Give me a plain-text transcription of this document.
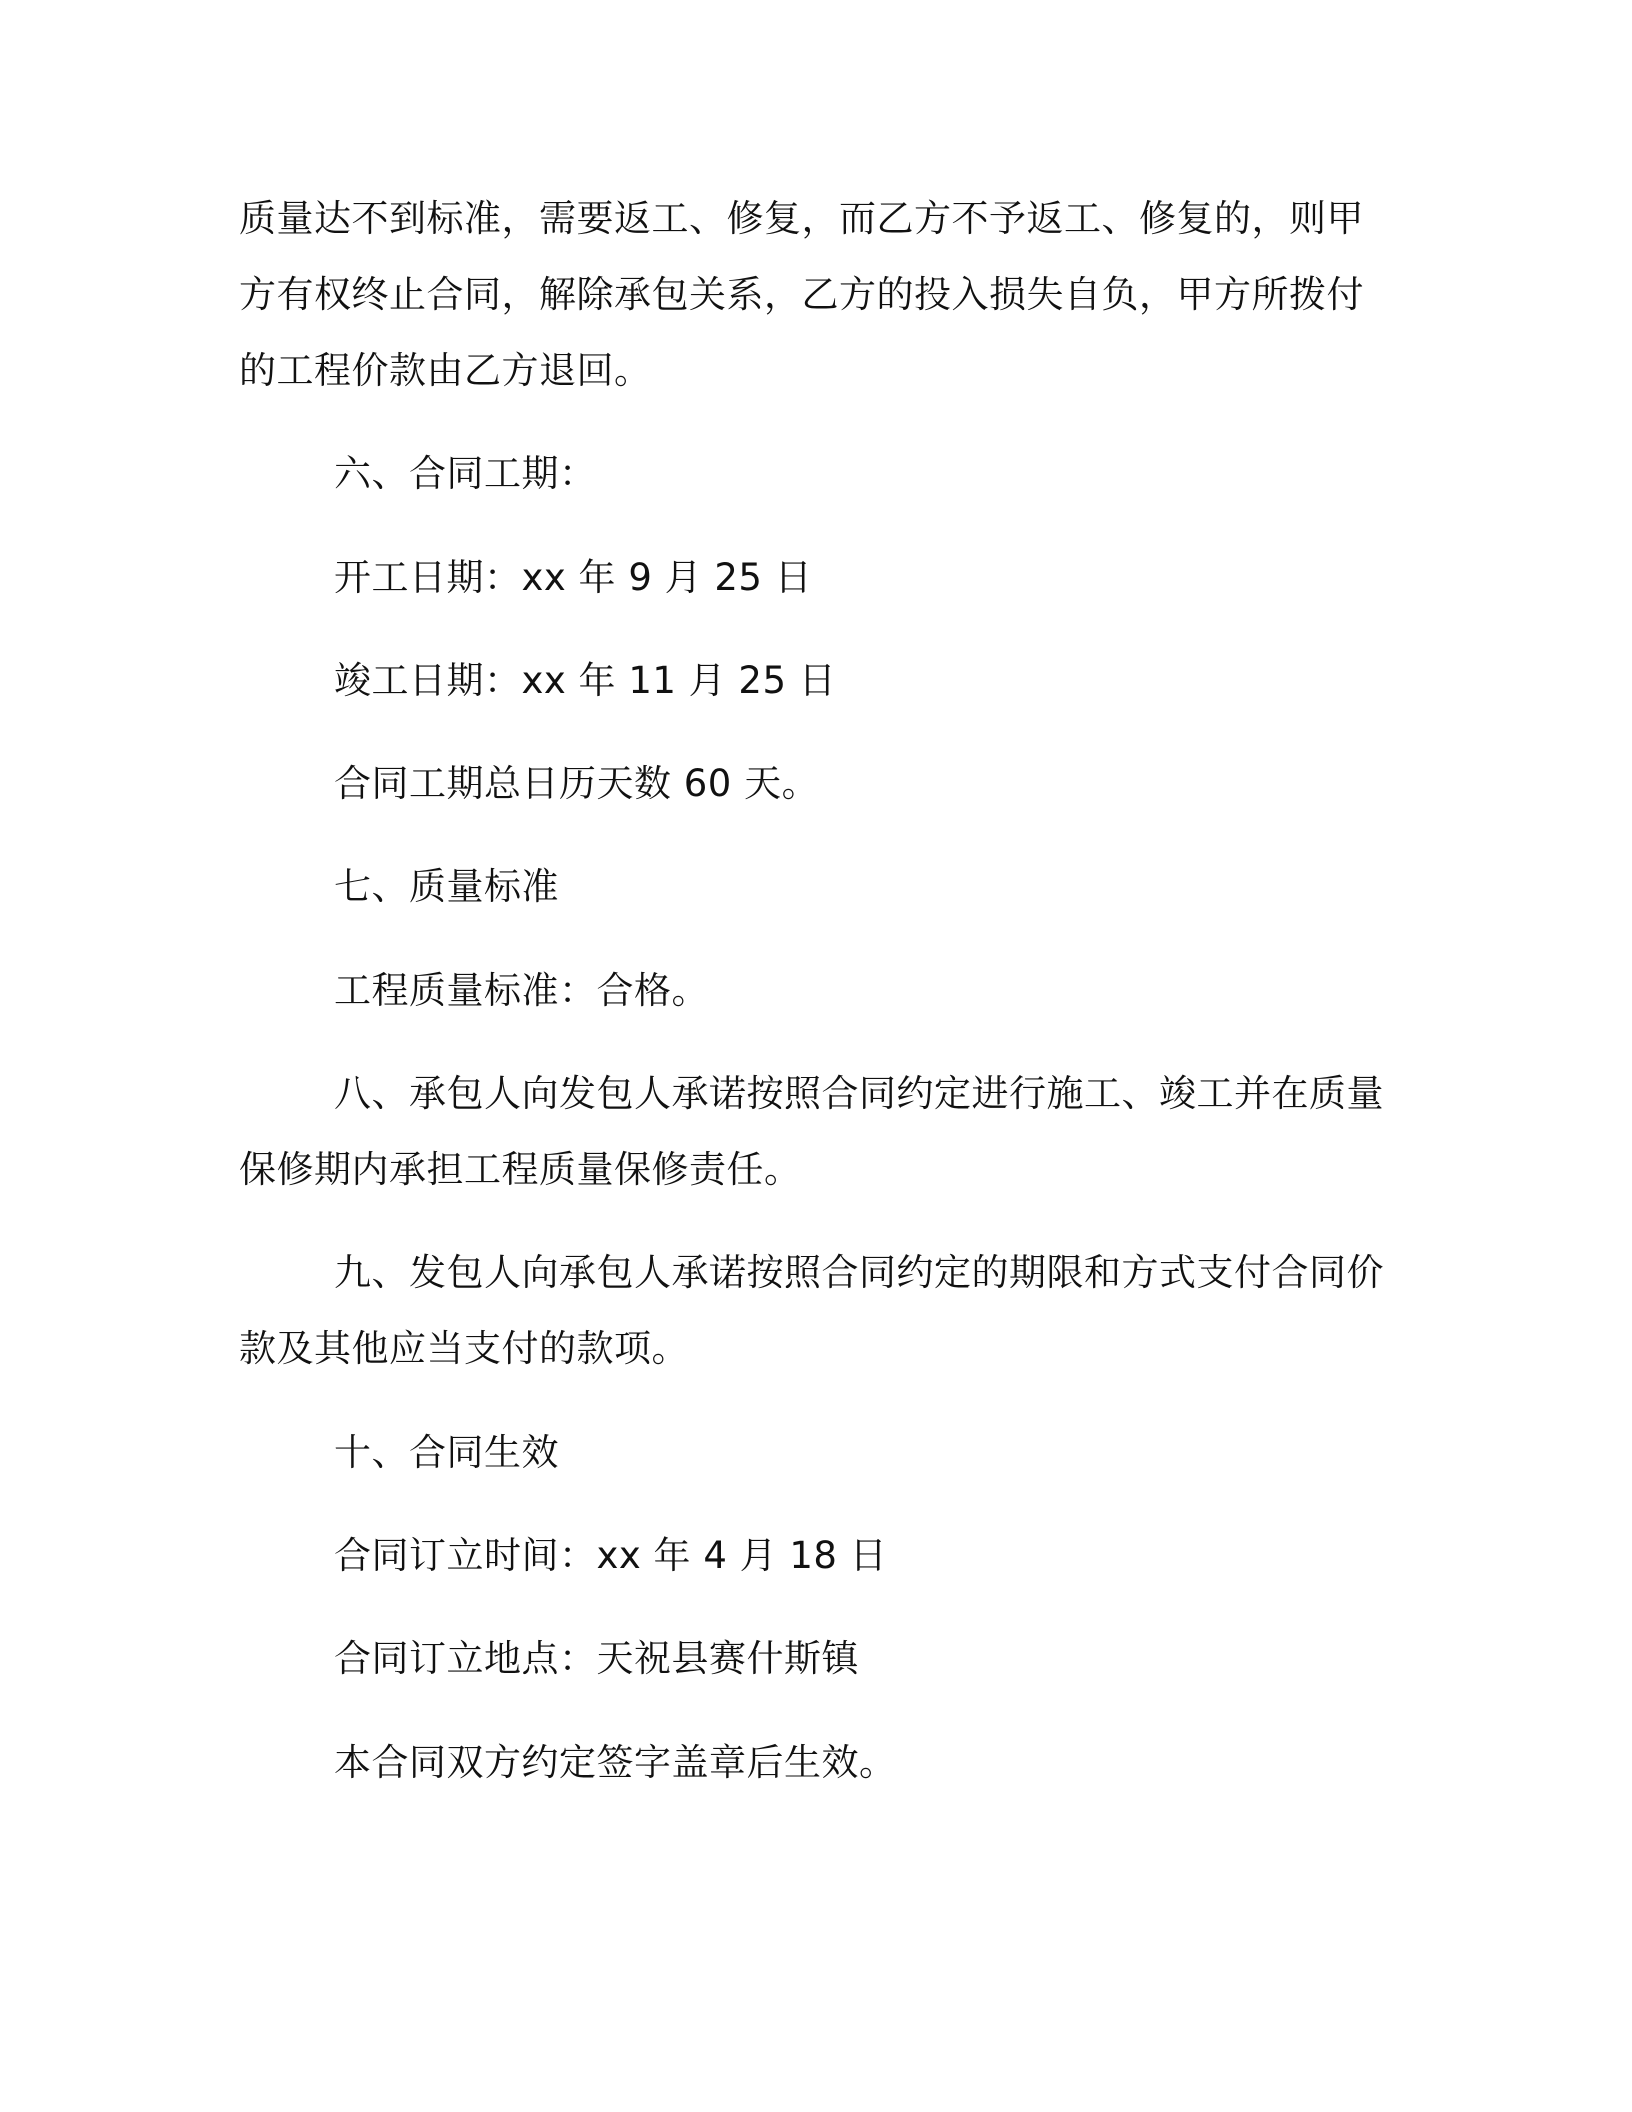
质量达不到标准，需要返工、修复，而乙方不予返工、修复的，则甲

方有权终止合同，解除承包关系，乙方的投入损失自负，甲方所拨付

的工程价款由乙方退回。

六、合同工期：

开工日期：xx 年 9 月 25 日

竣工日期：xx 年 11 月 25 日

合同工期总日历天数 60 天。

七、质量标准

工程质量标准：合格。

八、承包人向发包人承诺按照合同约定进行施工、竣工并在质量

保修期内承担工程质量保修责任。

九、发包人向承包人承诺按照合同约定的期限和方式支付合同价

款及其他应当支付的款项。

十、合同生效

合同订立时间：xx 年 4 月 18 日

合同订立地点：天祝县赛什斯镇

本合同双方约定签字盖章后生效。
